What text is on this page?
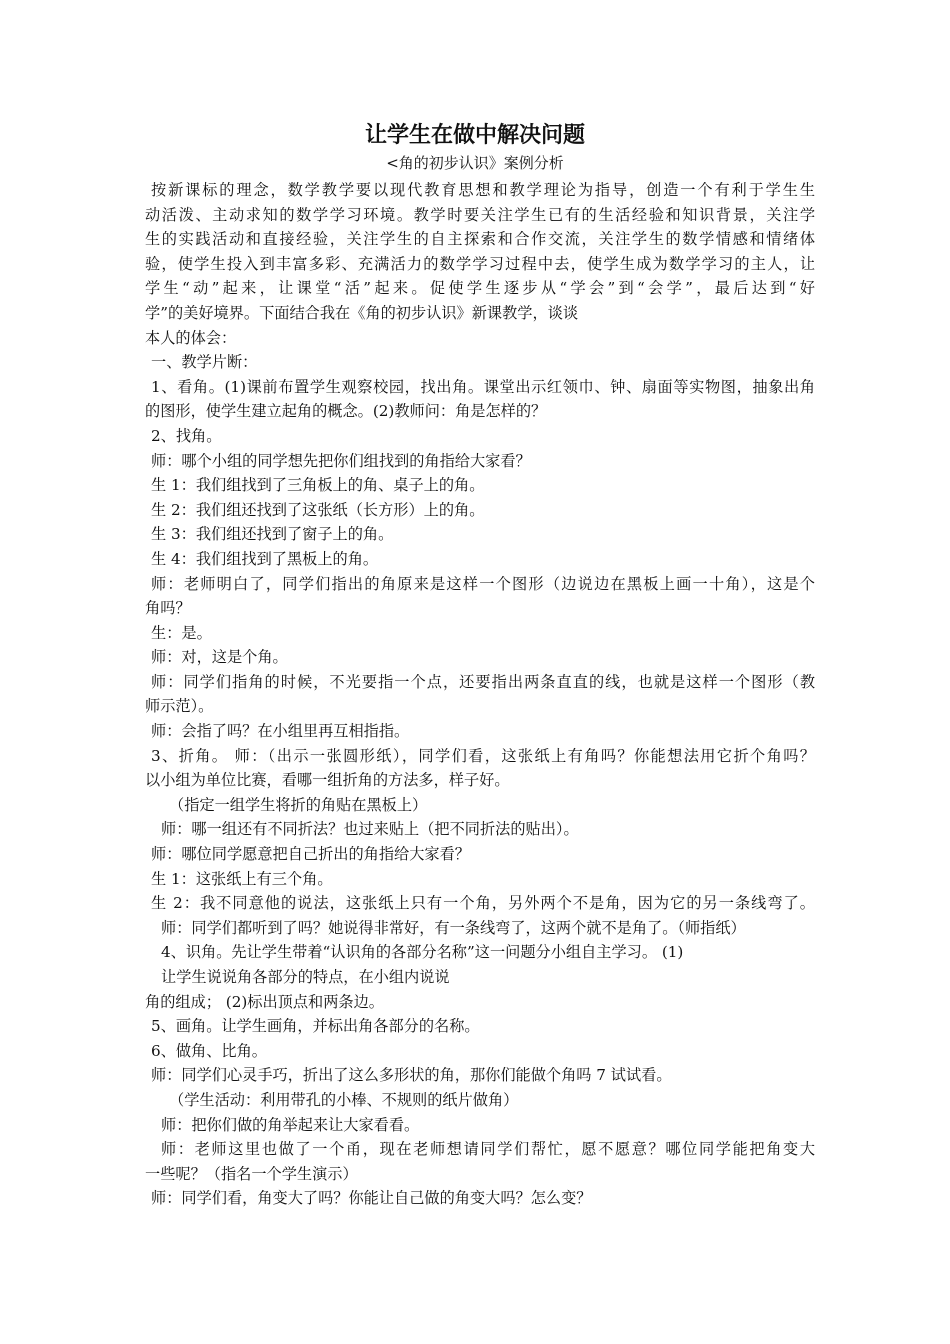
让学生在做中解决问题
<角的初步认识》案例分析
按新课标的理念，数学教学要以现代教育思想和教学理论为指导，创造一个有利于学生生
动活泼、主动求知的数学学习环境。教学时要关注学生已有的生活经验和知识背景，关注学
生的实践活动和直接经验，关注学生的自主探索和合作交流，关注学生的数学情感和情绪体
验，使学生投入到丰富多彩、充满活力的数学学习过程中去，使学生成为数学学习的主人，让
学生“动”起来，让课堂“活”起来。促使学生逐步从“学会”到“会学”，最后达到“好
学”的美好境界。下面结合我在《角的初步认识》新课教学，谈谈
本人的体会：
一、教学片断：
1、看角。(1)课前布置学生观察校园，找出角。课堂出示红领巾、钟、扇面等实物图，抽象出角
的图形，使学生建立起角的概念。(2)教师问：角是怎样的？
2、找角。
师：哪个小组的同学想先把你们组找到的角指给大家看？
生 1：我们组找到了三角板上的角、桌子上的角。
生 2：我们组还找到了这张纸（长方形）上的角。
生 3：我们组还找到了窗子上的角。
生 4：我们组找到了黑板上的角。
师：老师明白了，同学们指出的角原来是这样一个图形（边说边在黑板上画一十角），这是个
角吗？
生：是。
师：对，这是个角。
师：同学们指角的时候，不光要指一个点，还要指出两条直直的线，也就是这样一个图形（教
师示范）。
师：会指了吗？在小组里再互相指指。
3、折角。 师：（出示一张圆形纸），同学们看，这张纸上有角吗？你能想法用它折个角吗？
以小组为单位比赛，看哪一组折角的方法多，样子好。
（指定一组学生将折的角贴在黑板上）
师：哪一组还有不同折法？也过来贴上（把不同折法的贴出）。
师：哪位同学愿意把自己折出的角指给大家看？
生 1：这张纸上有三个角。
生 2：我不同意他的说法，这张纸上只有一个角，另外两个不是角，因为它的另一条线弯了。
师：同学们都听到了吗？她说得非常好，有一条线弯了，这两个就不是角了。（师指纸）
4、识角。先让学生带着“认识角的各部分名称”这一问题分小组自主学习。 (1)
让学生说说角各部分的特点，在小组内说说
角的组成； (2)标出顶点和两条边。
5、画角。让学生画角，并标出角各部分的名称。
6、做角、比角。
师：同学们心灵手巧，折出了这么多形状的角，那你们能做个角吗 7 试试看。
（学生活动：利用带孔的小棒、不规则的纸片做角）
师：把你们做的角举起来让大家看看。
师：老师这里也做了一个甬，现在老师想请同学们帮忙，愿不愿意？哪位同学能把角变大
一些呢？（指名一个学生演示）
师：同学们看，角变大了吗？你能让自己做的角变大吗？怎么变？
